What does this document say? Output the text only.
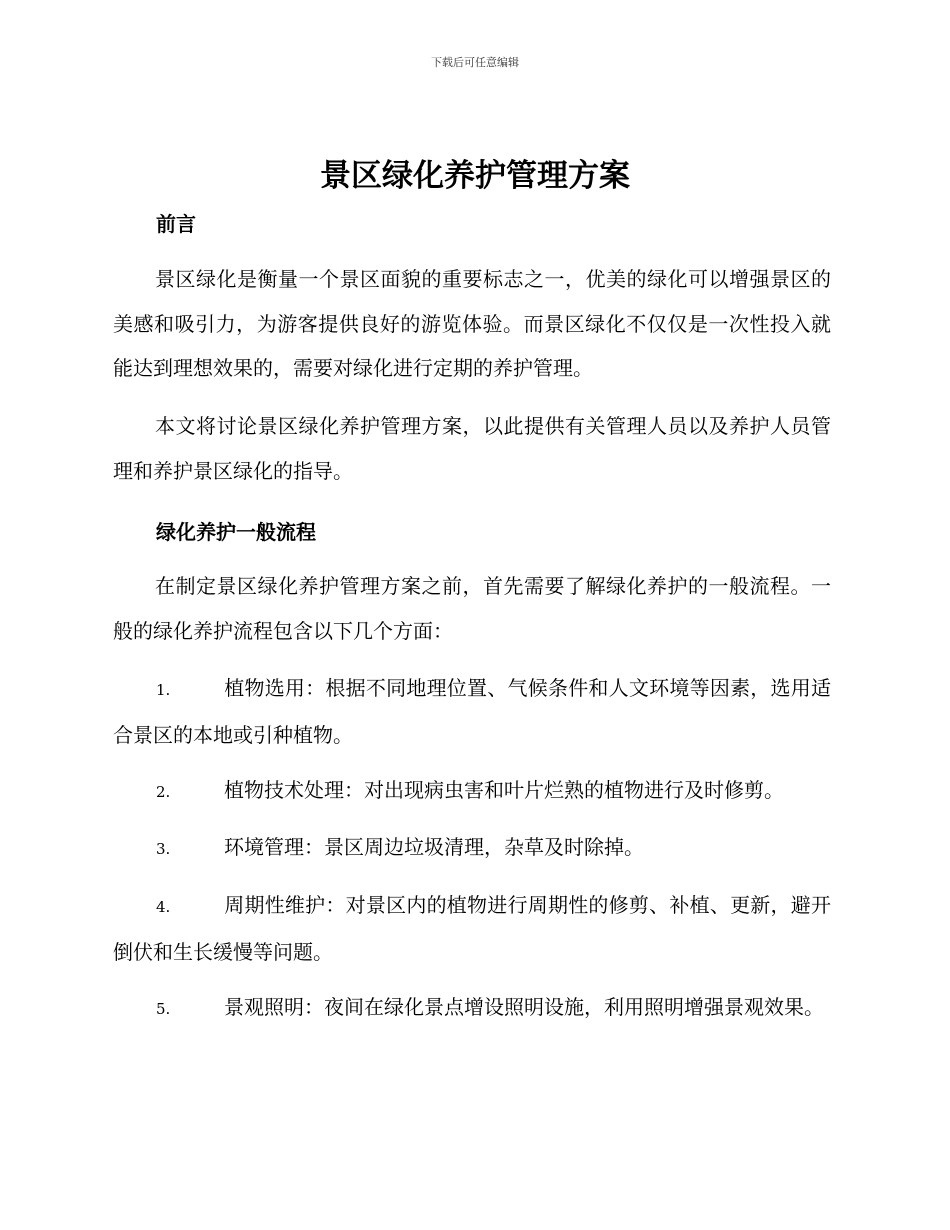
下载后可任意编辑
景区绿化养护管理方案
前言

景区绿化是衡量一个景区面貌的重要标志之一，优美的绿化可以增强景区的美感和吸引力，为游客提供良好的游览体验。而景区绿化不仅仅是一次性投入就能达到理想效果的，需要对绿化进行定期的养护管理。

本文将讨论景区绿化养护管理方案，以此提供有关管理人员以及养护人员管理和养护景区绿化的指导。

绿化养护一般流程

在制定景区绿化养护管理方案之前，首先需要了解绿化养护的一般流程。一般的绿化养护流程包含以下几个方面：

1.	植物选用：根据不同地理位置、气候条件和人文环境等因素，选用适合景区的本地或引种植物。

2.	植物技术处理：对出现病虫害和叶片烂熟的植物进行及时修剪。

3.	环境管理：景区周边垃圾清理，杂草及时除掉。

4.	周期性维护：对景区内的植物进行周期性的修剪、补植、更新，避开倒伏和生长缓慢等问题。

5.	景观照明：夜间在绿化景点增设照明设施，利用照明增强景观效果。
